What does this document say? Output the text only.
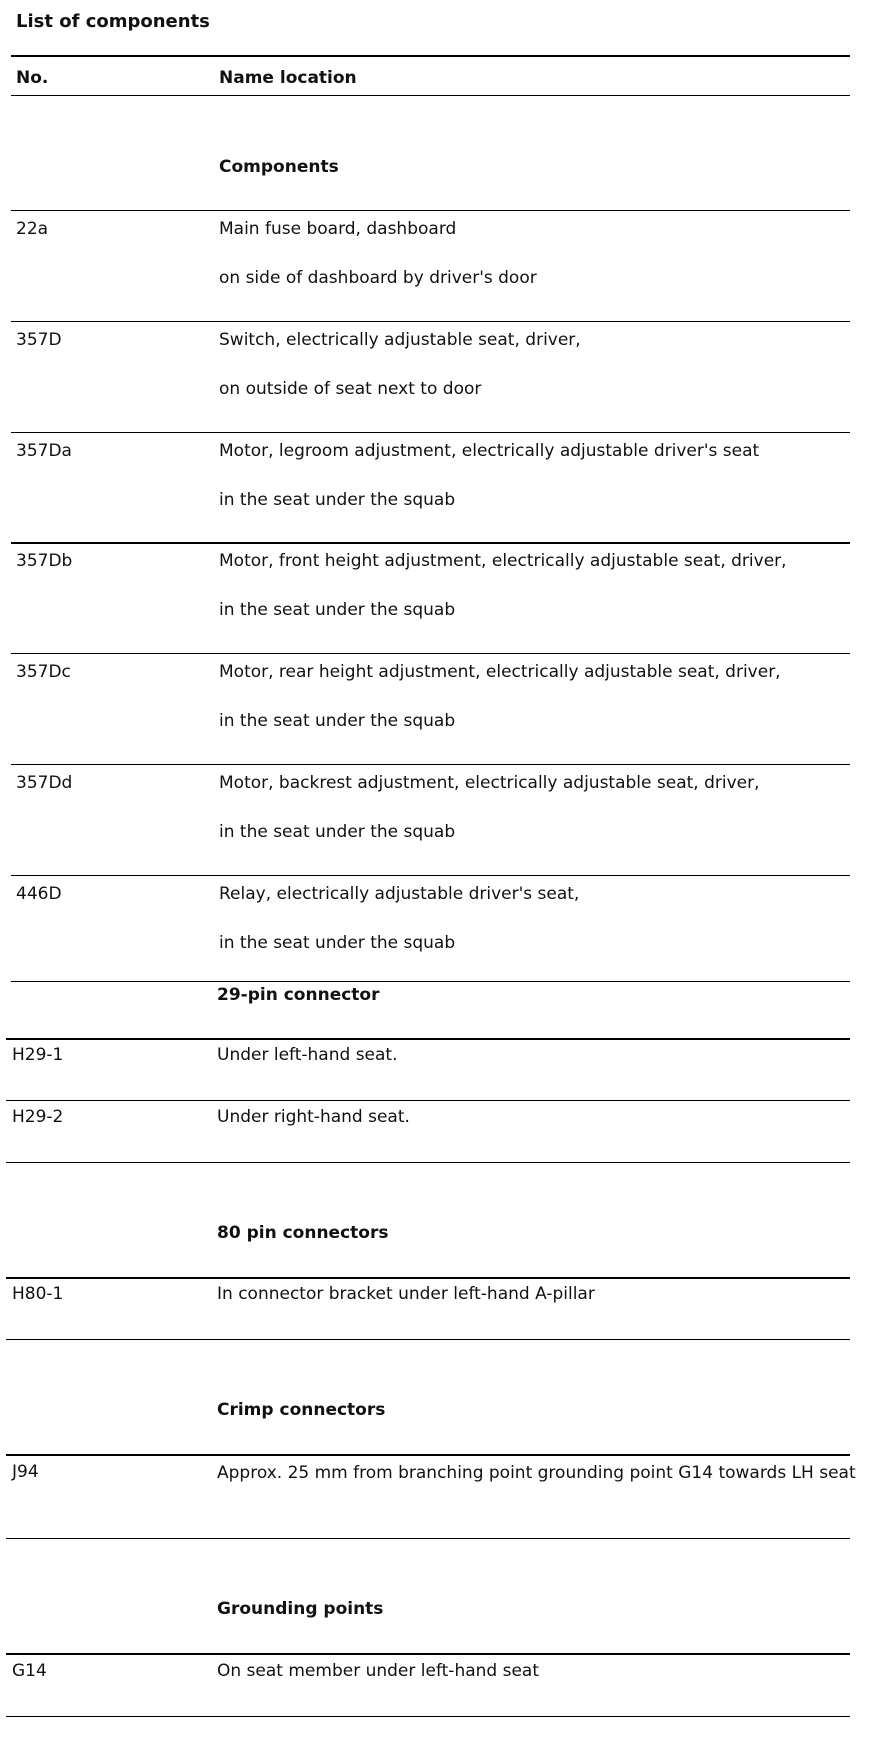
List of components
No.	Name location
Components
22a	Main fuse board, dashboard
on side of dashboard by driver's door
357D	Switch, electrically adjustable seat, driver,
on outside of seat next to door
357Da	Motor, legroom adjustment, electrically adjustable driver's seat
in the seat under the squab
357Db	Motor, front height adjustment, electrically adjustable seat, driver,
in the seat under the squab
357Dc	Motor, rear height adjustment, electrically adjustable seat, driver,
in the seat under the squab
357Dd	Motor, backrest adjustment, electrically adjustable seat, driver,
in the seat under the squab
446D	Relay, electrically adjustable driver's seat,
in the seat under the squab
29-pin connector
H29-1	Under left-hand seat.
H29-2	Under right-hand seat.
80 pin connectors
H80-1	In connector bracket under left-hand A-pillar
Crimp connectors
J94	Approx. 25 mm from branching point grounding point G14 towards LH seat
Grounding points
G14	On seat member under left-hand seat
